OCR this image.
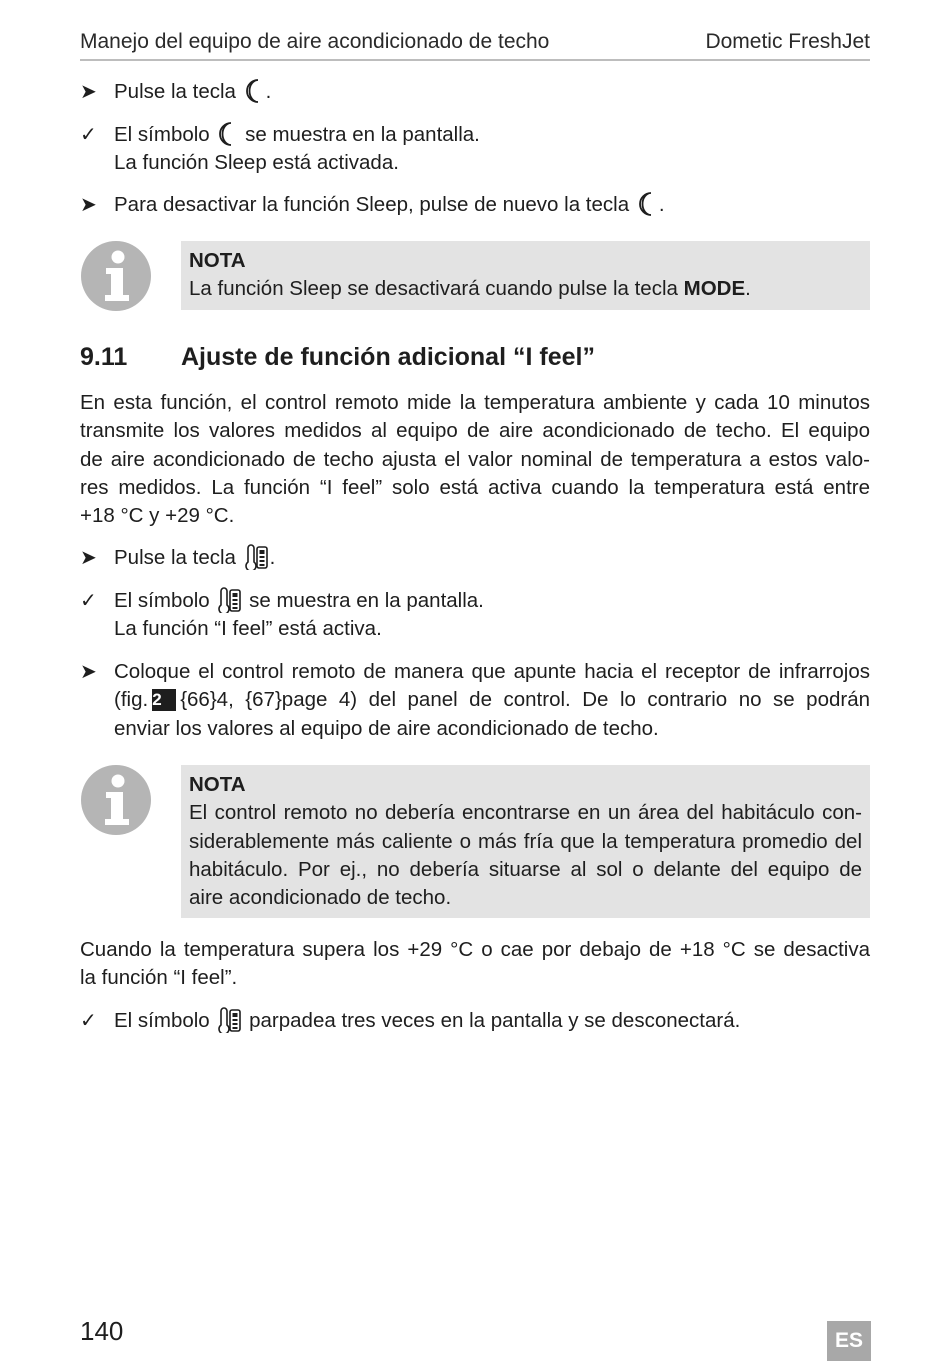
Manejo del equipo de aire acondicionado de techo	Dometic FreshJet
➤ Pulse la tecla .
✓ El símbolo se muestra en la pantalla.
La función Sleep está activada.
➤ Para desactivar la función Sleep, pulse de nuevo la tecla .
NOTA
La función Sleep se desactivará cuando pulse la tecla MODE.
9.11 Ajuste de función adicional “I feel”
En esta función, el control remoto mide la temperatura ambiente y cada 10 minutos
transmite los valores medidos al equipo de aire acondicionado de techo. El equipo
de aire acondicionado de techo ajusta el valor nominal de temperatura a estos valo-
res medidos. La función “I feel” solo está activa cuando la temperatura está entre
+18 °C y +29 °C.
➤ Pulse la tecla .
✓ El símbolo se muestra en la pantalla.
La función “I feel” está activa.
➤ Coloque el control remoto de manera que apunte hacia el receptor de infrarrojos
(fig. 2 {66}4, {67}page 4) del panel de control. De lo contrario no se podrán
enviar los valores al equipo de aire acondicionado de techo.
NOTA
El control remoto no debería encontrarse en un área del habitáculo con-
siderablemente más caliente o más fría que la temperatura promedio del
habitáculo. Por ej., no debería situarse al sol o delante del equipo de
aire acondicionado de techo.
Cuando la temperatura supera los +29 °C o cae por debajo de +18 °C se desactiva
la función “I feel”.
✓ El símbolo parpadea tres veces en la pantalla y se desconectará.
140	ES
